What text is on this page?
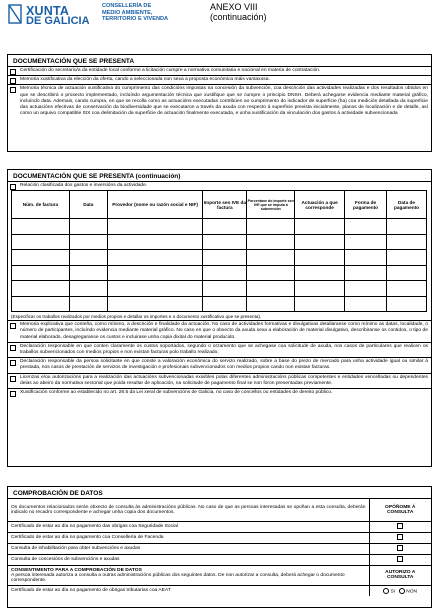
XUNTA
DE GALICIA
CONSELLERÍA DE
MEDIO AMBIENTE,
TERRITORIO E VIVENDA
ANEXO VIII
(continuación)
DOCUMENTACIÓN QUE SE PRESENTA
Certificación do secretario/a da entidade local conforme a licitación cumpre a normativa comunitaria e nacional en materia de contratación.
Memoria xustificativa da elección da oferta, cando a seleccionada non sexa a proposta económica máis vantaxosa.
Memoria técnica de actuación xustificativa do cumprimento das condicións impostas na concesión da subvención, coa descrición das actividades realizadas e dos resultados obtidos en que se describirá o proxecto implementado, incluíndo argumentación técnica que xustifique que se cumpre o principio DNSH. Deberá achegarse evidencia mediante material gráfico, incluíndo data. Ademais, cando cumpra, en que se recolla como as actuacións executadas contribúen ao cumprimento do indicador de superficie (ha) coa medición detallada da superficie das actuacións efectivas de conservación da biodiversidade que se executaron a través da axuda con respecto á superficie prevista inicialmente, planos de localización e de detalle, así como un arquivo compatible SIX coa delimitación da superficie de actuación finalmente executada, e unha xustificación da vinculación dos gastos á actividade subvencionada
DOCUMENTACIÓN QUE SE PRESENTA (continuación)
Relación clasificada dos gastos e inversións da actividade.
Núm. de factura	Data	Provedor (nome ou razón social e NIF)	Importe sen IVE da factura	Porcentaxe do importe sen IVE que se imputa á subvención	Actuación a que corresponde	Forma de pagamento	Data de pagamento

(Especificar os traballos realizados por medios propios e detallar os importes e o documento xustificativo que se presenta).
Memoria explicativa que conteña, como mínimo, a descrición e finalidade da actuación. No caso de actividades formativas e divulgativas detallaranse como mínimo as datas, localidade, o número de participantes, incluíndo evidencia mediante material gráfico. No caso en que o obxecto da axuda sexa a elaboración de material divulgativo, describiranse os contidos, o tipo de material elaborado, desagregaranse os custos e incluirase unha copia dixital do material producido.
Declaración responsable en que conten claramente os custos soportados, segundo o orzamento que se achegase coa solicitude de axuda, nos casos de particulares que realicen os traballos subvencionados con medios propios e non existan facturas polo traballo realizado.
Declaración responsable da persoa solicitante en que conste a valoración económica do servizo realizado, sobre a base do prezo de mercado para unha actividade igual ou similar á prestada, nos casos de prestación de servizos de investigación e profesionais subvencionados con medios propios cando non existan facturas.
Licenzas e/ou autorizacións para a realización das actuacións subvencionadas exixibles polas diferentes administracións públicas competentes e entidades vencelladas ou dependentes delas ao abeiro da normativa sectorial que poida resultar de aplicación, na solicitude de pagamento final se non foron presentadas previamente.
Xustificación conforme ao establecido no art. 28.5 da Lei xeral de subvencións de Galicia, no caso de concellos ou entidades de dereito público.
COMPROBACIÓN DE DATOS
Os documentos relacionados serán obxecto de consulta ás administracións públicas. No caso de que as persoas interesadas se opoñan a esta consulta, deberán indicalo no recadro correspondente e achegar unha copia dos documentos.	OPÓÑOME Á CONSULTA
Certificado de estar ao día no pagamento das obrigas coa Seguridade Social	
Certificado de estar ao día no pagamento coa Consellería de Facenda	
Consulta de inhabilitación para obter subvencións e axudas	
Consulta de concesións de subvencións e axudas	

CONSENTIMENTO PARA A COMPROBACIÓN DE DATOS
A persoa interesada autoriza a consulta a outras administracións públicas dos seguintes datos. De non autorizar a consulta, deberá achegar o documento correspondente.	AUTORIZO A CONSULTA
Certificado de estar ao día no pagamento de obrigas tributarias coa AEAT	SI NON
